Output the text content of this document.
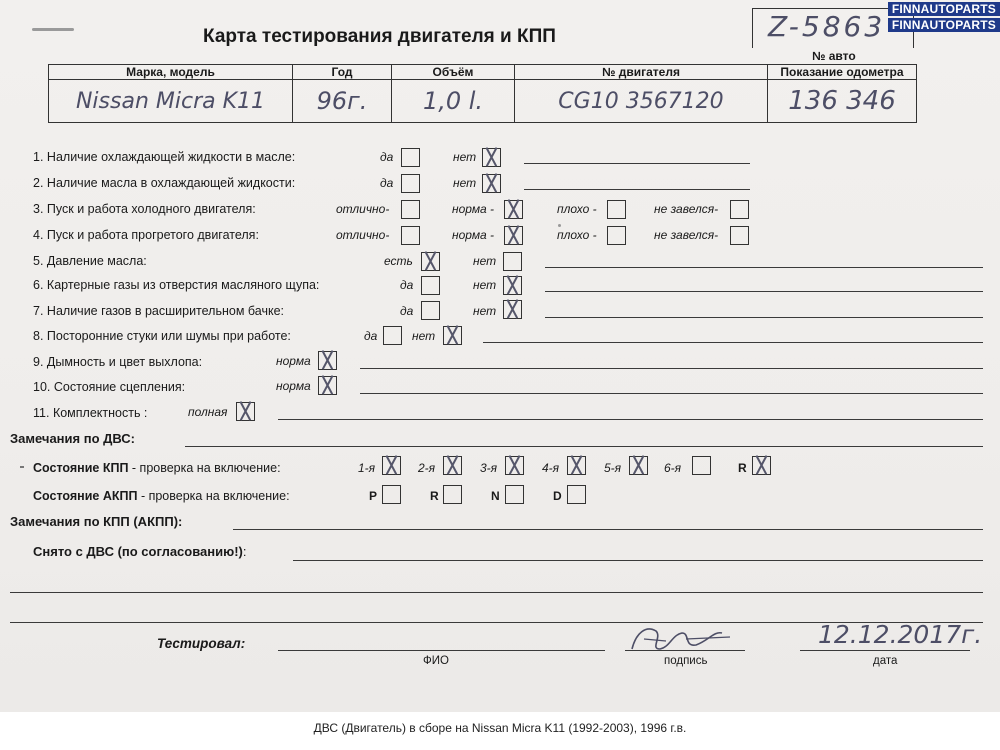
Карта тестирования двигателя и КПП	Z-5863
№ авто
Марка, модель	Год	Объём	№ двигателя	Показание одометра
Nissan Micra K11	96г.	1,0 l.	CG10 3567120	136 346
1. Наличие охлаждающей жидкости в масле:	да	нет
2. Наличие масла в охлаждающей жидкости:	да	нет
3. Пуск и работа холодного двигателя:	отлично-	норма -	плохо -	не завелся-
4. Пуск и работа прогретого двигателя:	отлично-	норма -	плохо -	не завелся-
5. Давление масла:	есть	нет
6. Картерные газы из отверстия масляного щупа:	да	нет
7. Наличие газов в расширительном бачке:	да	нет
8. Посторонние стуки или шумы при работе:	да	нет
9. Дымность и цвет выхлопа:	норма
10. Состояние сцепления:	норма
11. Комплектность :	полная
Замечания по ДВС:
Состояние КПП - проверка на включение:	1-я	2-я	3-я	4-я	5-я	6-я	R
Состояние АКПП - проверка на включение:	P	R	N	D
Замечания по КПП (АКПП):
Снято с ДВС (по согласованию!):
Тестировал:
ФИО	подпись
12.12.2017г.
дата
FINNAUTOPARTS
FINNAUTOPARTS
ДВС (Двигатель) в сборе на Nissan Micra K11 (1992-2003), 1996 г.в.
